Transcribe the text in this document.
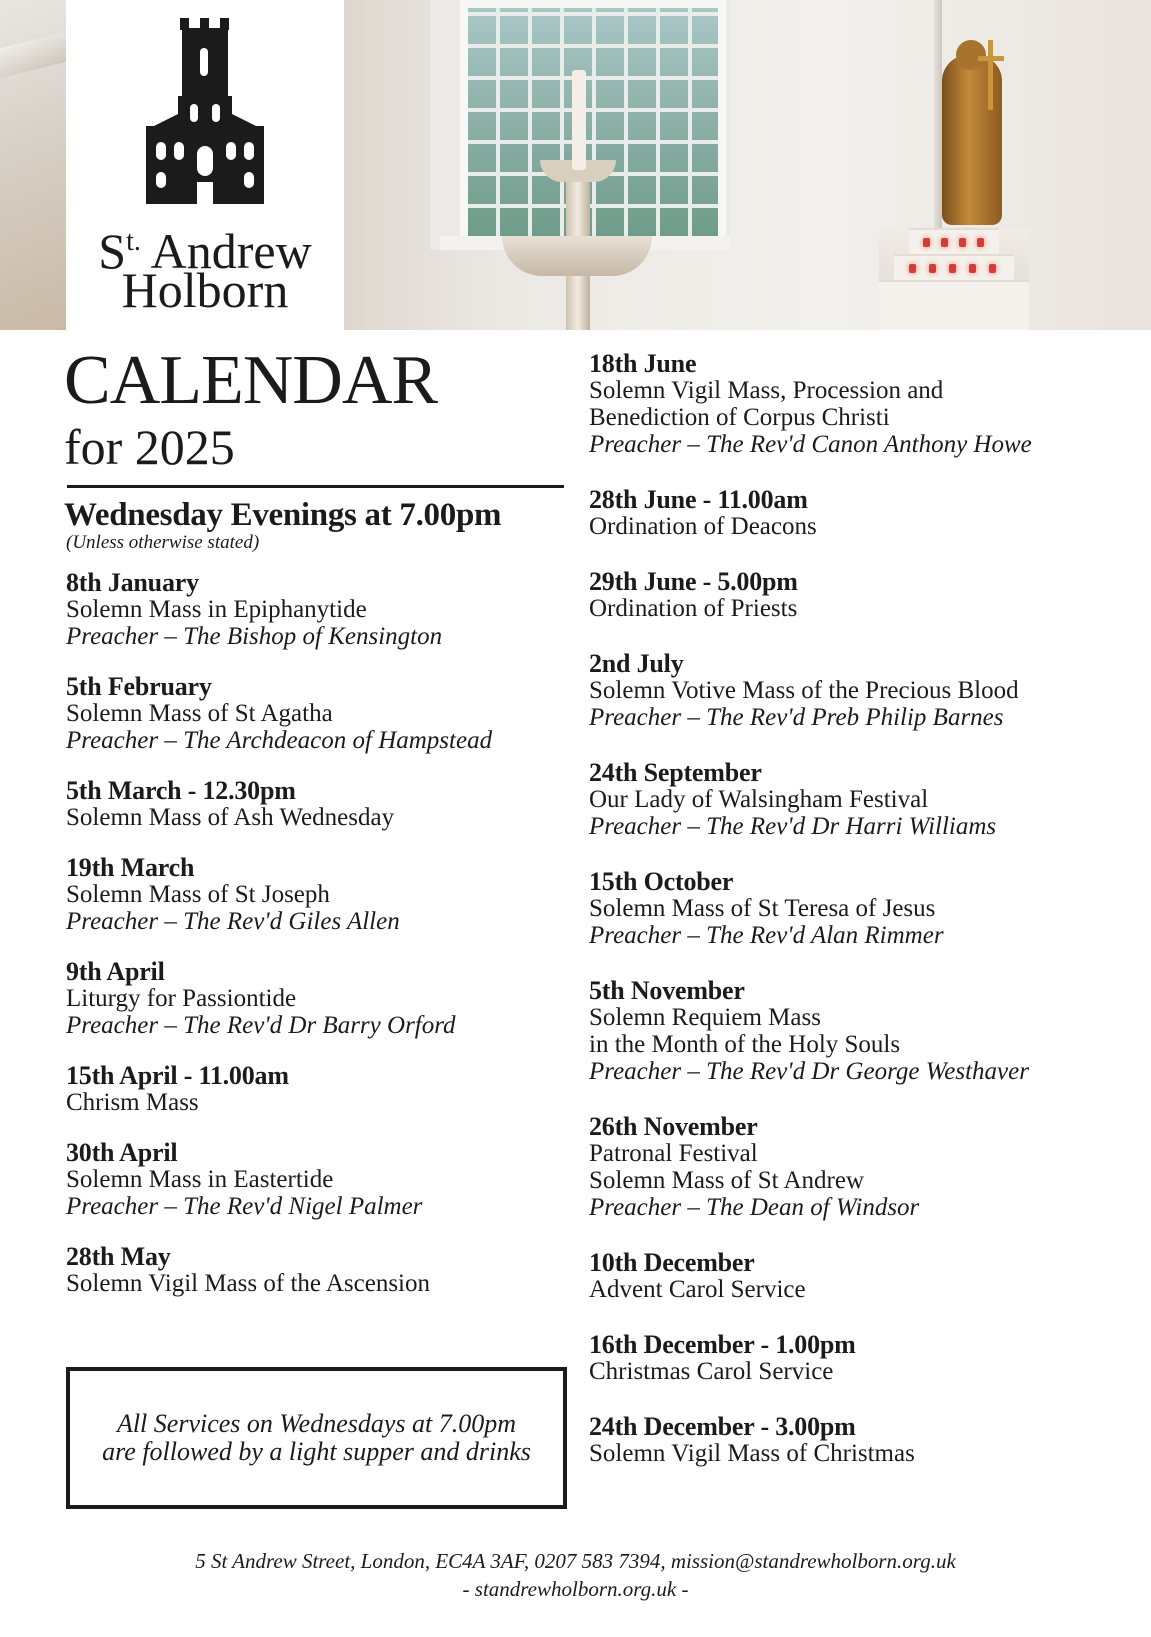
$S^{t.}$ Andrew
Holborn
CALENDAR
for 2025
Wednesday Evenings at 7.00pm
(Unless otherwise stated)
8th January
Solemn Mass in Epiphanytide
Preacher – The Bishop of Kensington
5th February
Solemn Mass of St Agatha
Preacher – The Archdeacon of Hampstead
5th March - 12.30pm
Solemn Mass of Ash Wednesday
19th March
Solemn Mass of St Joseph
Preacher – The Rev'd Giles Allen
9th April
Liturgy for Passiontide
Preacher – The Rev'd Dr Barry Orford
15th April - 11.00am
Chrism Mass
30th April
Solemn Mass in Eastertide
Preacher – The Rev'd Nigel Palmer
28th May
Solemn Vigil Mass of the Ascension
18th June
Solemn Vigil Mass, Procession and
Benediction of Corpus Christi
Preacher – The Rev'd Canon Anthony Howe
28th June - 11.00am
Ordination of Deacons
29th June - 5.00pm
Ordination of Priests
2nd July
Solemn Votive Mass of the Precious Blood
Preacher – The Rev'd Preb Philip Barnes
24th September
Our Lady of Walsingham Festival
Preacher – The Rev'd Dr Harri Williams
15th October
Solemn Mass of St Teresa of Jesus
Preacher – The Rev'd Alan Rimmer
5th November
Solemn Requiem Mass
in the Month of the Holy Souls
Preacher – The Rev'd Dr George Westhaver
26th November
Patronal Festival
Solemn Mass of St Andrew
Preacher – The Dean of Windsor
10th December
Advent Carol Service
16th December - 1.00pm
Christmas Carol Service
24th December - 3.00pm
Solemn Vigil Mass of Christmas
All Services on Wednesdays at 7.00pm
are followed by a light supper and drinks
5 St Andrew Street, London, EC4A 3AF, 0207 583 7394, mission@standrewholborn.org.uk
- standrewholborn.org.uk -
